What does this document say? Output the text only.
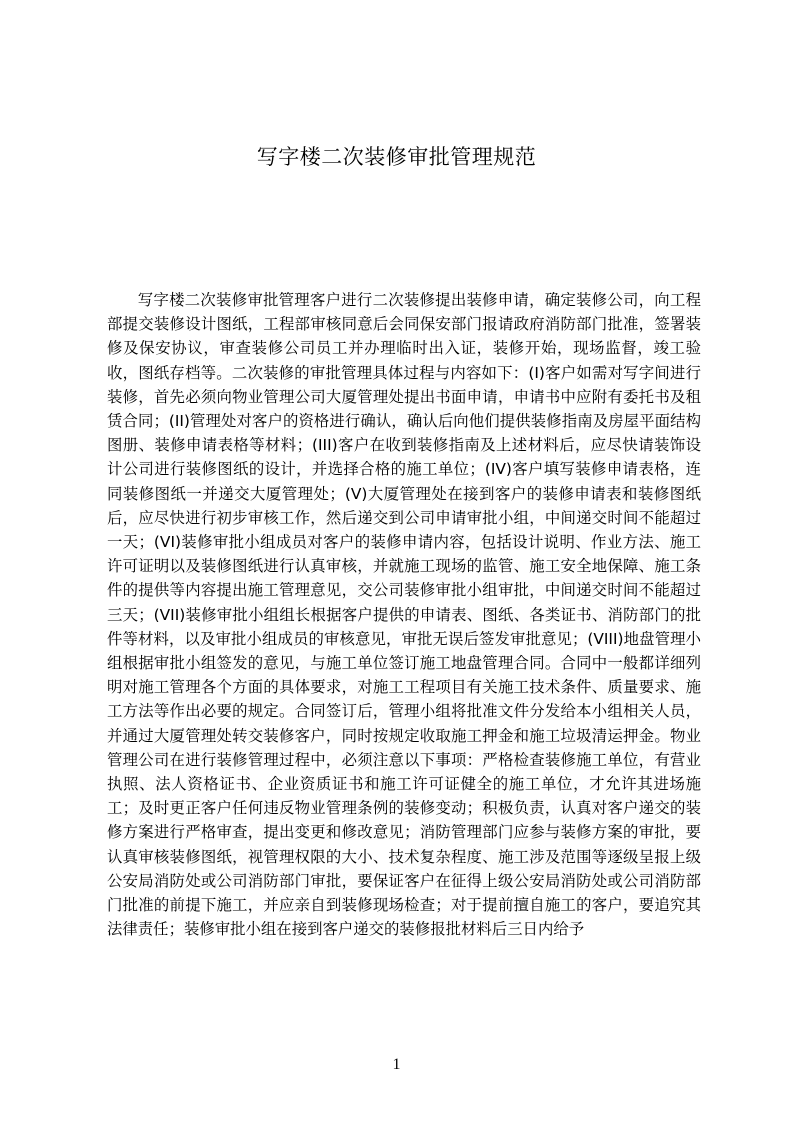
写字楼二次装修审批管理规范

写字楼二次装修审批管理客户进行二次装修提出装修申请，确定装修公司，向工程部提交装修设计图纸，工程部审核同意后会同保安部门报请政府消防部门批准，签署装修及保安协议，审查装修公司员工并办理临时出入证，装修开始，现场监督，竣工验收，图纸存档等。二次装修的审批管理具体过程与内容如下：(I)客户如需对写字间进行装修，首先必须向物业管理公司大厦管理处提出书面申请，申请书中应附有委托书及租赁合同；(II)管理处对客户的资格进行确认，确认后向他们提供装修指南及房屋平面结构图册、装修申请表格等材料；(III)客户在收到装修指南及上述材料后，应尽快请装饰设计公司进行装修图纸的设计，并选择合格的施工单位；(IV)客户填写装修申请表格，连同装修图纸一并递交大厦管理处；(V)大厦管理处在接到客户的装修申请表和装修图纸后，应尽快进行初步审核工作，然后递交到公司申请审批小组，中间递交时间不能超过一天；(VI)装修审批小组成员对客户的装修申请内容，包括设计说明、作业方法、施工许可证明以及装修图纸进行认真审核，并就施工现场的监管、施工安全地保障、施工条件的提供等内容提出施工管理意见，交公司装修审批小组审批，中间递交时间不能超过三天；(VII)装修审批小组组长根据客户提供的申请表、图纸、各类证书、消防部门的批件等材料，以及审批小组成员的审核意见，审批无误后签发审批意见；(VIII)地盘管理小组根据审批小组签发的意见，与施工单位签订施工地盘管理合同。合同中一般都详细列明对施工管理各个方面的具体要求，对施工工程项目有关施工技术条件、质量要求、施工方法等作出必要的规定。合同签订后，管理小组将批准文件分发给本小组相关人员，并通过大厦管理处转交装修客户，同时按规定收取施工押金和施工垃圾清运押金。物业管理公司在进行装修管理过程中，必须注意以下事项：严格检查装修施工单位，有营业执照、法人资格证书、企业资质证书和施工许可证健全的施工单位，才允许其进场施工；及时更正客户任何违反物业管理条例的装修变动；积极负责，认真对客户递交的装修方案进行严格审查，提出变更和修改意见；消防管理部门应参与装修方案的审批，要认真审核装修图纸，视管理权限的大小、技术复杂程度、施工涉及范围等逐级呈报上级公安局消防处或公司消防部门审批，要保证客户在征得上级公安局消防处或公司消防部门批准的前提下施工，并应亲自到装修现场检查；对于提前擅自施工的客户，要追究其法律责任；装修审批小组在接到客户递交的装修报批材料后三日内给予

1
